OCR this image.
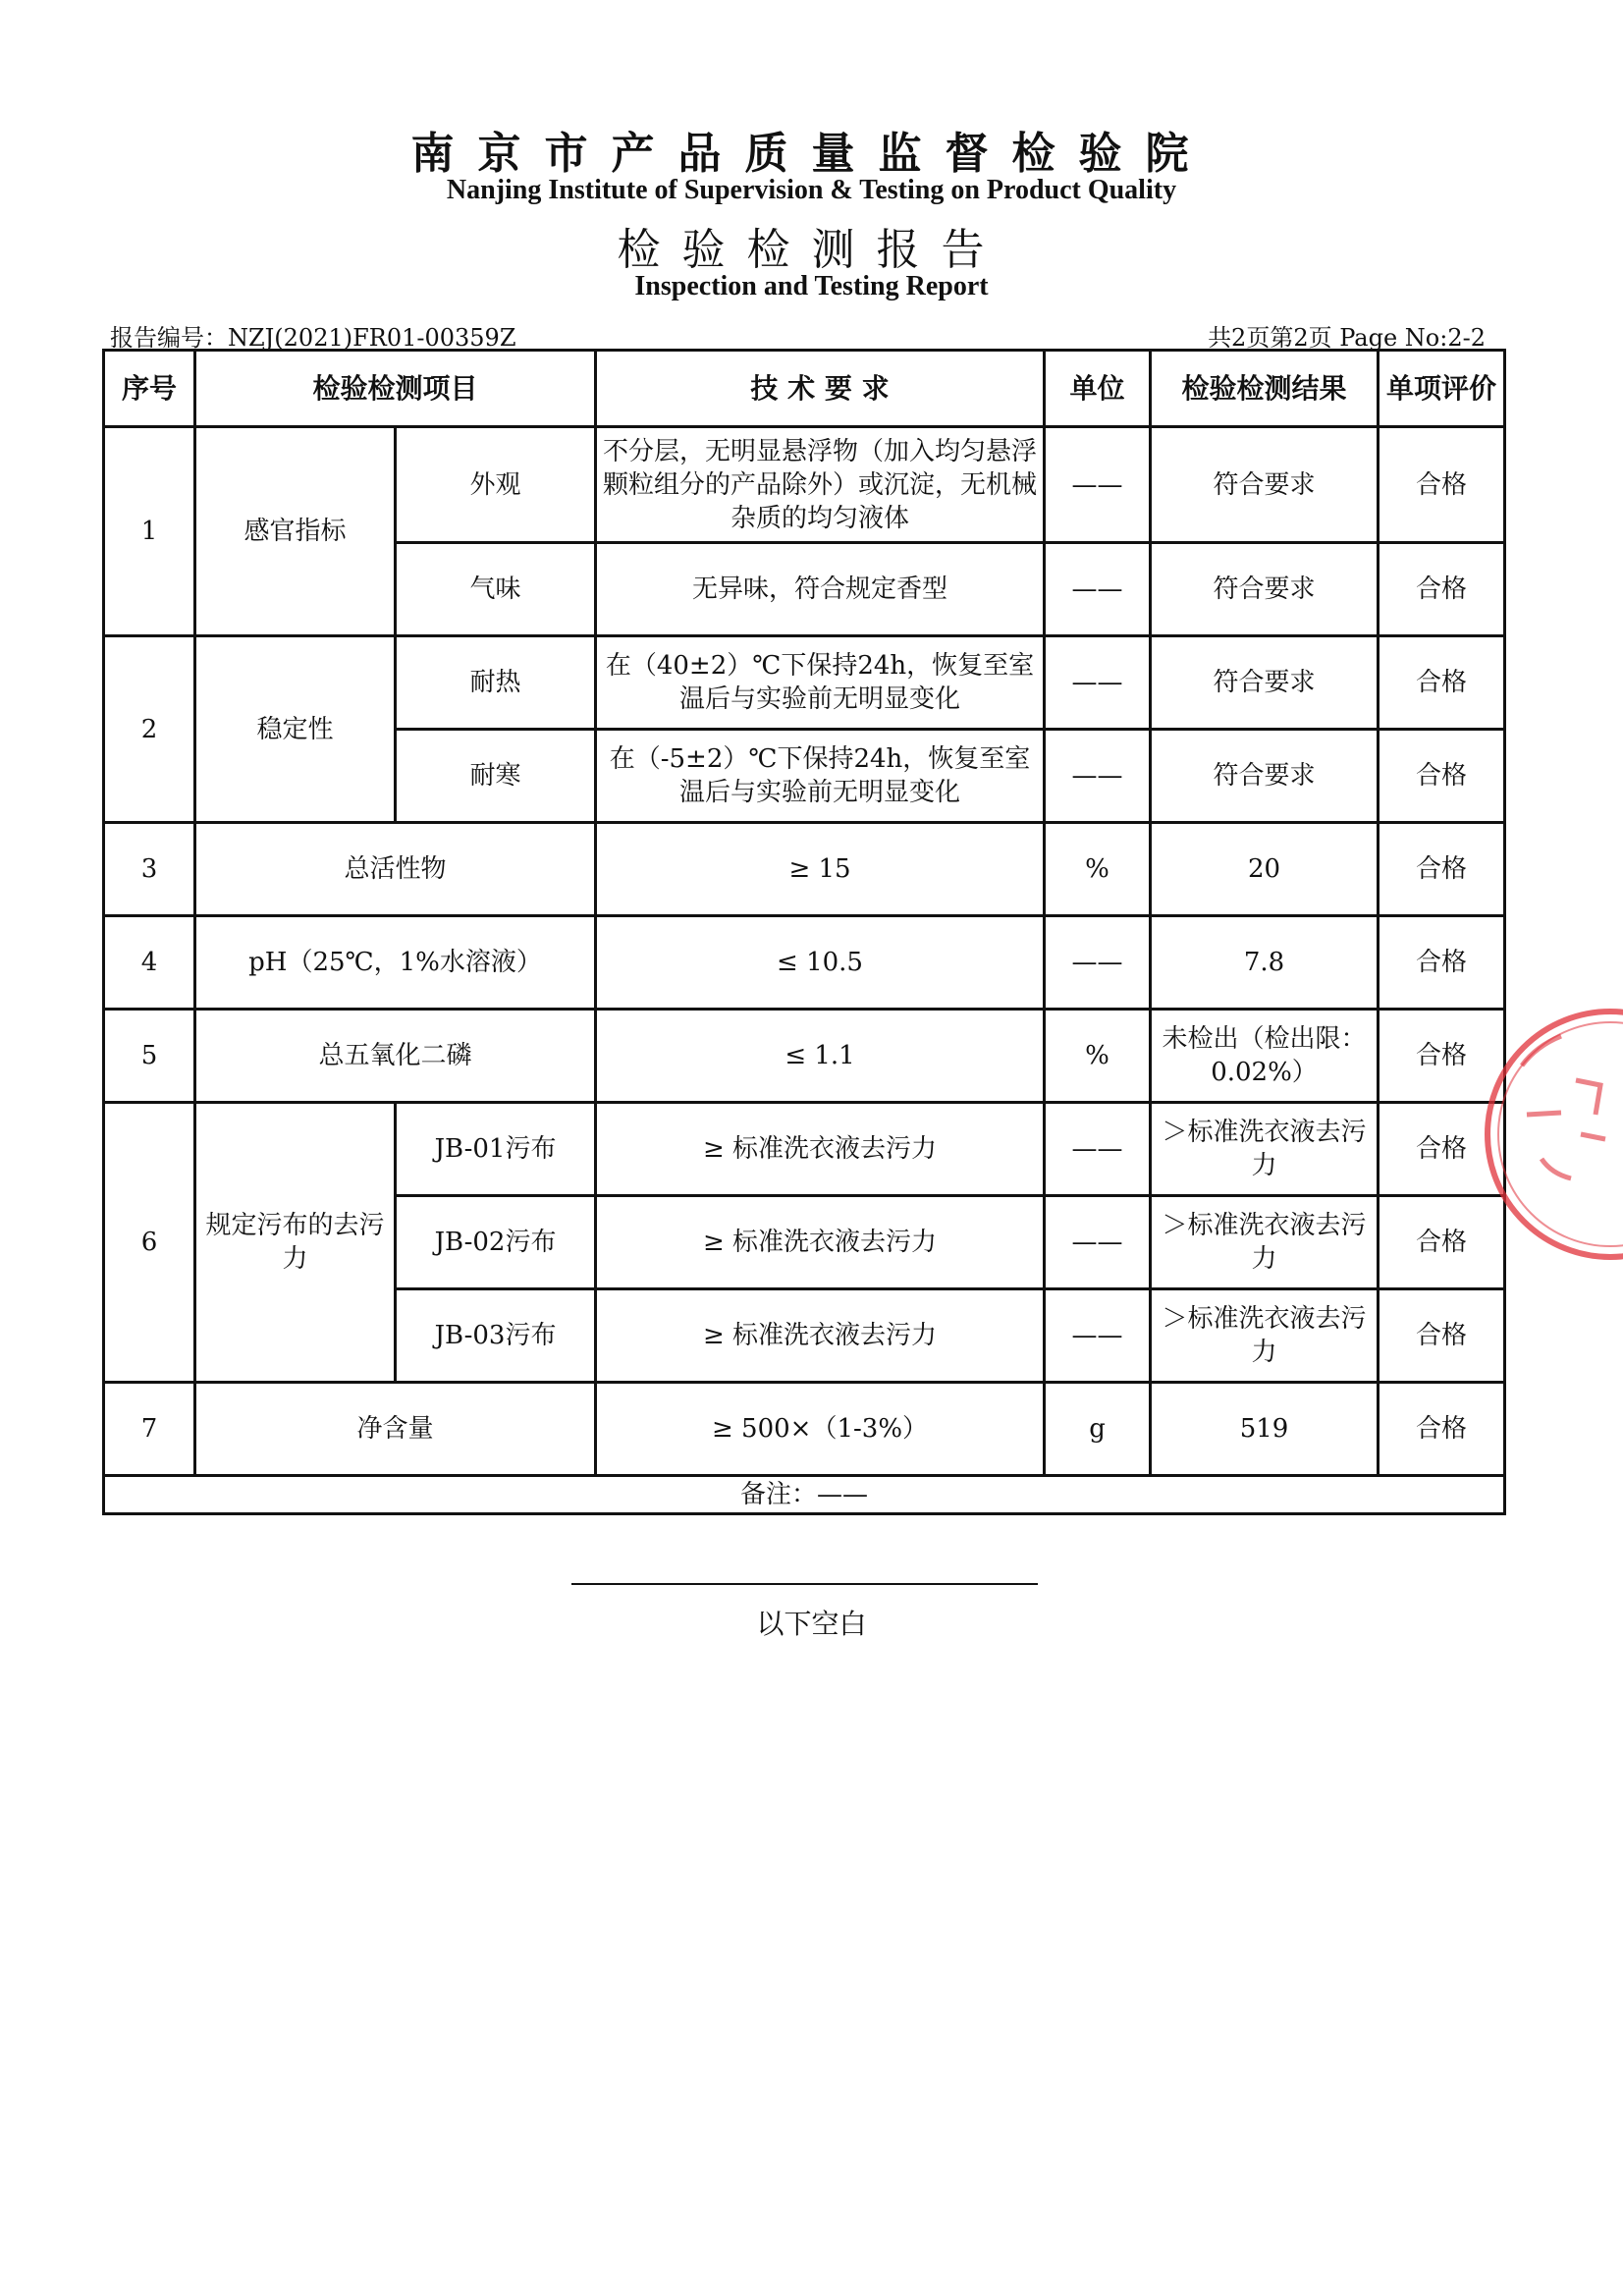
南京市产品质量监督检验院
Nanjing Institute of Supervision & Testing on Product Quality
检验检测报告
Inspection and Testing Report
报告编号：NZJ(2021)FR01-00359Z	共2页第2页 Page No:2-2
序号	检验检测项目		技 术 要 求	单位	检验检测结果	单项评价
1	感官指标	外观	不分层，无明显悬浮物（加入均匀悬浮颗粒组分的产品除外）或沉淀，无机械杂质的均匀液体	——	符合要求	合格
		气味	无异味，符合规定香型	——	符合要求	合格
2	稳定性	耐热	在（40±2）℃下保持24h，恢复至室温后与实验前无明显变化	——	符合要求	合格
		耐寒	在（-5±2）℃下保持24h，恢复至室温后与实验前无明显变化	——	符合要求	合格
3	总活性物		≥ 15	%	20	合格
4	pH（25℃，1%水溶液）		≤ 10.5	——	7.8	合格
5	总五氧化二磷		≤ 1.1	%	未检出（检出限：0.02%）	合格
6	规定污布的去污力	JB-01污布	≥ 标准洗衣液去污力	——	＞标准洗衣液去污力	合格
		JB-02污布	≥ 标准洗衣液去污力	——	＞标准洗衣液去污力	合格
		JB-03污布	≥ 标准洗衣液去污力	——	＞标准洗衣液去污力	合格
7	净含量		≥ 500×（1-3%）	g	519	合格
备注：——						
以下空白
